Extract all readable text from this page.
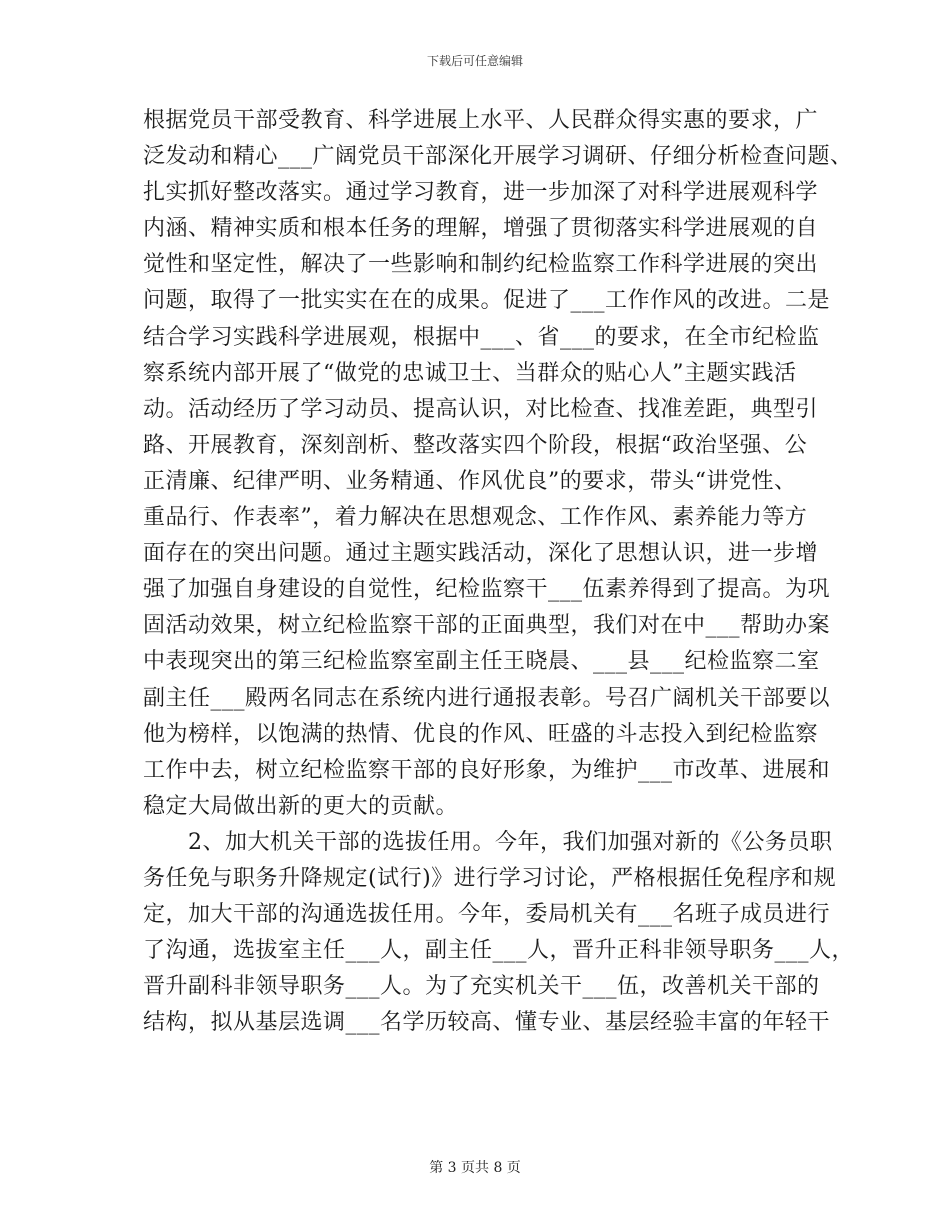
下载后可任意编辑
根据党员干部受教育、科学进展上水平、人民群众得实惠的要求，广
泛发动和精心___广阔党员干部深化开展学习调研、仔细分析检查问题、
扎实抓好整改落实。通过学习教育，进一步加深了对科学进展观科学
内涵、精神实质和根本任务的理解，增强了贯彻落实科学进展观的自
觉性和坚定性，解决了一些影响和制约纪检监察工作科学进展的突出
问题，取得了一批实实在在的成果。促进了___工作作风的改进。二是
结合学习实践科学进展观，根据中___、省___的要求，在全市纪检监
察系统内部开展了“做党的忠诚卫士、当群众的贴心人”主题实践活
动。活动经历了学习动员、提高认识，对比检查、找准差距，典型引
路、开展教育，深刻剖析、整改落实四个阶段，根据“政治坚强、公
正清廉、纪律严明、业务精通、作风优良”的要求，带头“讲党性、
重品行、作表率”，着力解决在思想观念、工作作风、素养能力等方
面存在的突出问题。通过主题实践活动，深化了思想认识，进一步增
强了加强自身建设的自觉性，纪检监察干___伍素养得到了提高。为巩
固活动效果，树立纪检监察干部的正面典型，我们对在中___帮助办案
中表现突出的第三纪检监察室副主任王晓晨、___县___纪检监察二室
副主任___殿两名同志在系统内进行通报表彰。号召广阔机关干部要以
他为榜样，以饱满的热情、优良的作风、旺盛的斗志投入到纪检监察
工作中去，树立纪检监察干部的良好形象，为维护___市改革、进展和
稳定大局做出新的更大的贡献。
　　2、加大机关干部的选拔任用。今年，我们加强对新的《公务员职
务任免与职务升降规定(试行)》进行学习讨论，严格根据任免程序和规
定，加大干部的沟通选拔任用。今年，委局机关有___名班子成员进行
了沟通，选拔室主任___人，副主任___人，晋升正科非领导职务___人，
晋升副科非领导职务___人。为了充实机关干___伍，改善机关干部的
结构，拟从基层选调___名学历较高、懂专业、基层经验丰富的年轻干
第 3 页共 8 页
